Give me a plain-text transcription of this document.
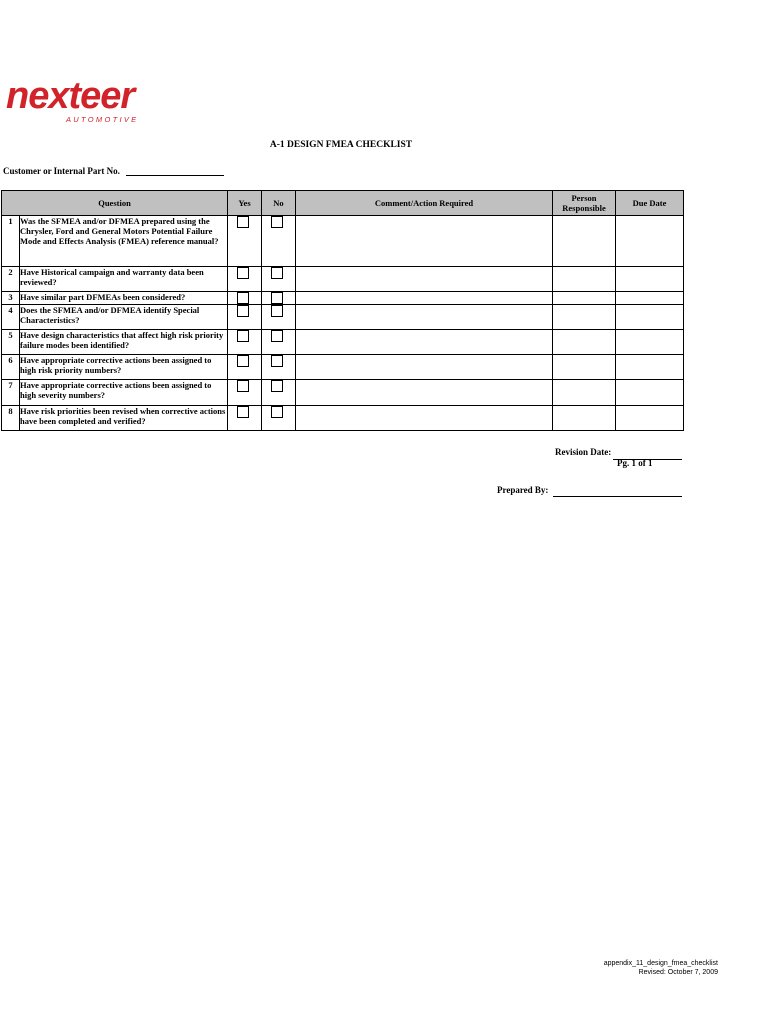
nexteer
AUTOMOTIVE
A-1 DESIGN FMEA CHECKLIST
Customer or Internal Part No.
Question		Yes	No	Comment/Action Required	Person Responsible	Due Date
1	Was the SFMEA and/or DFMEA prepared using the Chrysler, Ford and General Motors Potential Failure Mode and Effects Analysis (FMEA) reference manual?	

2	Have Historical campaign and warranty data been reviewed?	

3	Have similar part DFMEAs been considered?	

4	Does the SFMEA and/or DFMEA identify Special Characteristics?	

5	Have design characteristics that affect high risk priority failure modes been identified?	

6	Have appropriate corrective actions been assigned to high risk priority numbers?	

7	Have appropriate corrective actions been assigned to high severity numbers?	

8	Have risk priorities been revised when corrective actions have been completed and verified?	

Revision Date:
Pg. 1 of 1
Prepared By:
appendix_11_design_fmea_checklist
Revised: October 7, 2009
